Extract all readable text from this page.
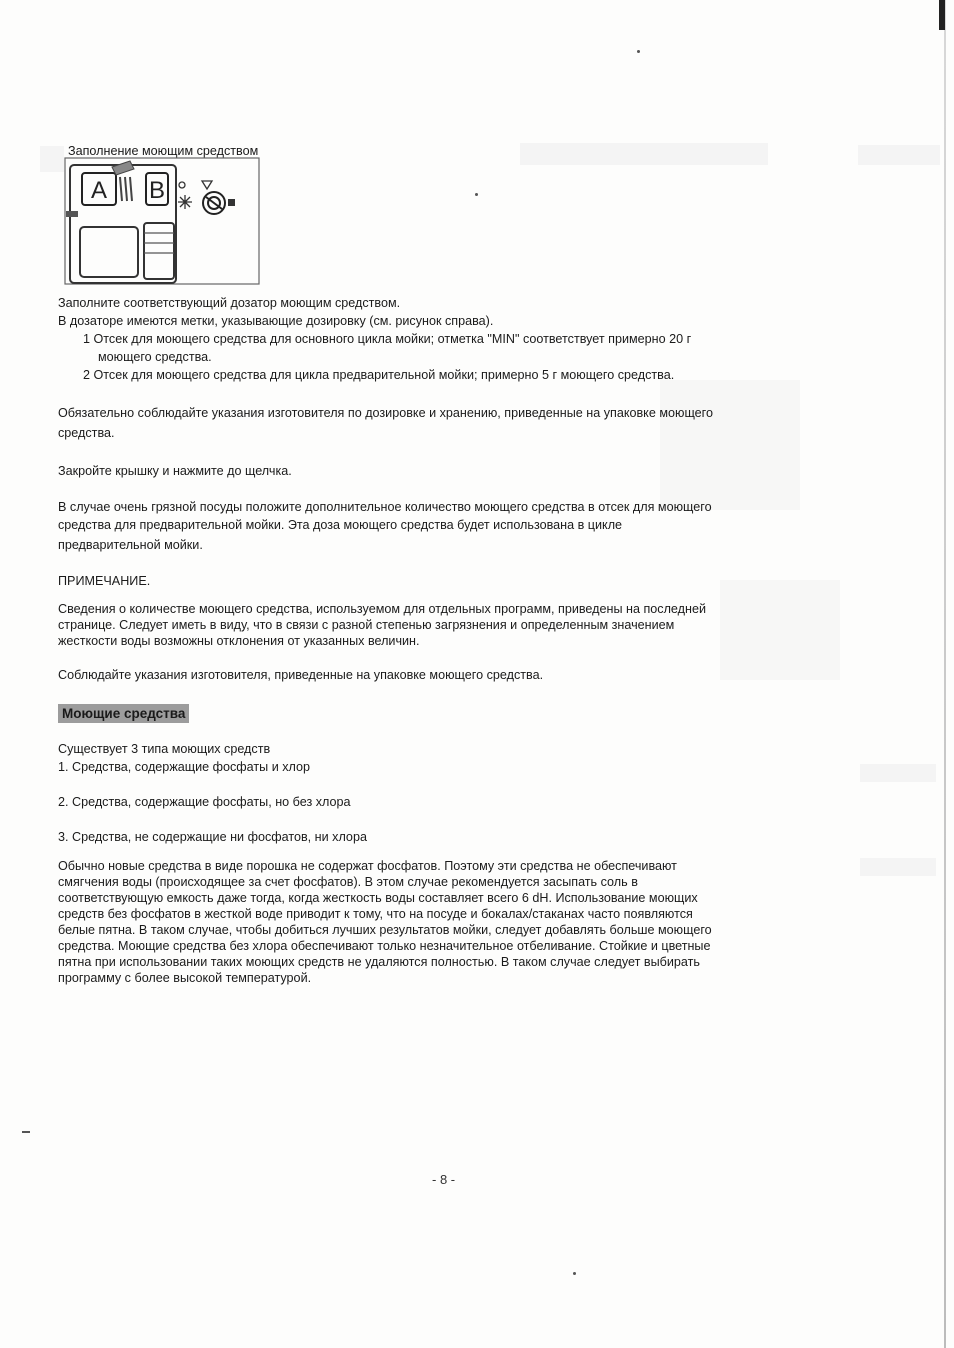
Заполнение моющим средством
A B
Заполните соответствующий дозатор моющим средством.
В дозаторе имеются метки, указывающие дозировку (см. рисунок справа).
1 Отсек для моющего средства для основного цикла мойки; отметка "MIN" соответствует примерно 20 г
моющего средства.
2 Отсек для моющего средства для цикла предварительной мойки; примерно 5 г моющего средства.
Обязательно соблюдайте указания изготовителя по дозировке и хранению, приведенные на упаковке моющего
средства.
Закройте крышку и нажмите до щелчка.
В случае очень грязной посуды положите дополнительное количество моющего средства в отсек для моющего
средства для предварительной мойки. Эта доза моющего средства будет использована в цикле
предварительной мойки.
ПРИМЕЧАНИЕ.
Сведения о количестве моющего средства, используемом для отдельных программ, приведены на последней
странице. Следует иметь в виду, что в связи с разной степенью загрязнения и определенным значением
жесткости воды возможны отклонения от указанных величин.
Соблюдайте указания изготовителя, приведенные на упаковке моющего средства.
Моющие средства
Существует 3 типа моющих средств
1. Средства, содержащие фосфаты и хлор
2. Средства, содержащие фосфаты, но без хлора
3. Средства, не содержащие ни фосфатов, ни хлора
Обычно новые средства в виде порошка не содержат фосфатов. Поэтому эти средства не обеспечивают
смягчения воды (происходящее за счет фосфатов). В этом случае рекомендуется засыпать соль в
соответствующую емкость даже тогда, когда жесткость воды составляет всего 6 dH. Использование моющих
средств без фосфатов в жесткой воде приводит к тому, что на посуде и бокалах/стаканах часто появляются
белые пятна. В таком случае, чтобы добиться лучших результатов мойки, следует добавлять больше моющего
средства. Моющие средства без хлора обеспечивают только незначительное отбеливание. Стойкие и цветные
пятна при использовании таких моющих средств не удаляются полностью. В таком случае следует выбирать
программу с более высокой температурой.
- 8 -
